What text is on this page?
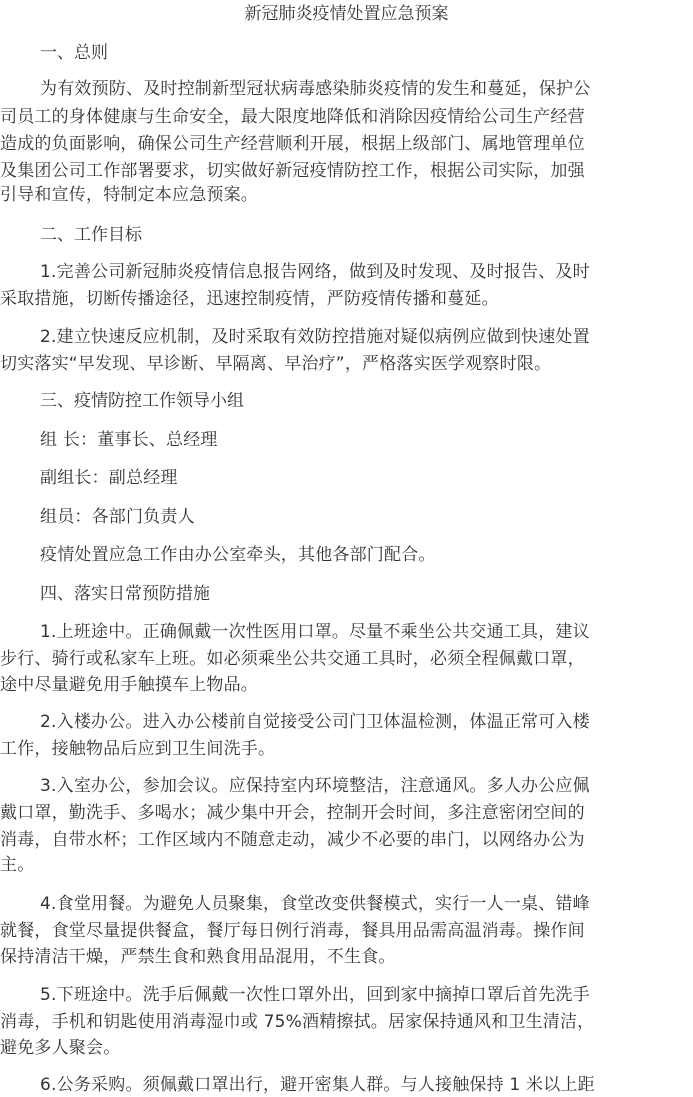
新冠肺炎疫情处置应急预案
一、总则
为有效预防、及时控制新型冠状病毒感染肺炎疫情的发生和蔓延，保护公
司员工的身体健康与生命安全，最大限度地降低和消除因疫情给公司生产经营
造成的负面影响，确保公司生产经营顺利开展，根据上级部门、属地管理单位
及集团公司工作部署要求，切实做好新冠疫情防控工作，根据公司实际，加强
引导和宣传，特制定本应急预案。
二、工作目标
1.完善公司新冠肺炎疫情信息报告网络，做到及时发现、及时报告、及时
采取措施，切断传播途径，迅速控制疫情，严防疫情传播和蔓延。
2.建立快速反应机制，及时采取有效防控措施对疑似病例应做到快速处置
切实落实“早发现、早诊断、早隔离、早治疗”，严格落实医学观察时限。
三、疫情防控工作领导小组
组 长：董事长、总经理
副组长：副总经理
组员：各部门负责人
疫情处置应急工作由办公室牵头，其他各部门配合。
四、落实日常预防措施
1.上班途中。正确佩戴一次性医用口罩。尽量不乘坐公共交通工具，建议
步行、骑行或私家车上班。如必须乘坐公共交通工具时，必须全程佩戴口罩，
途中尽量避免用手触摸车上物品。
2.入楼办公。进入办公楼前自觉接受公司门卫体温检测，体温正常可入楼
工作，接触物品后应到卫生间洗手。
3.入室办公，参加会议。应保持室内环境整洁，注意通风。多人办公应佩
戴口罩，勤洗手、多喝水；减少集中开会，控制开会时间，多注意密闭空间的
消毒，自带水杯；工作区域内不随意走动，减少不必要的串门，以网络办公为
主。
4.食堂用餐。为避免人员聚集，食堂改变供餐模式，实行一人一桌、错峰
就餐，食堂尽量提供餐盒，餐厅每日例行消毒，餐具用品需高温消毒。操作间
保持清洁干燥，严禁生食和熟食用品混用，不生食。
5.下班途中。洗手后佩戴一次性口罩外出，回到家中摘掉口罩后首先洗手
消毒，手机和钥匙使用消毒湿巾或 75%酒精擦拭。居家保持通风和卫生清洁，
避免多人聚会。
6.公务采购。须佩戴口罩出行，避开密集人群。与人接触保持 1 米以上距
